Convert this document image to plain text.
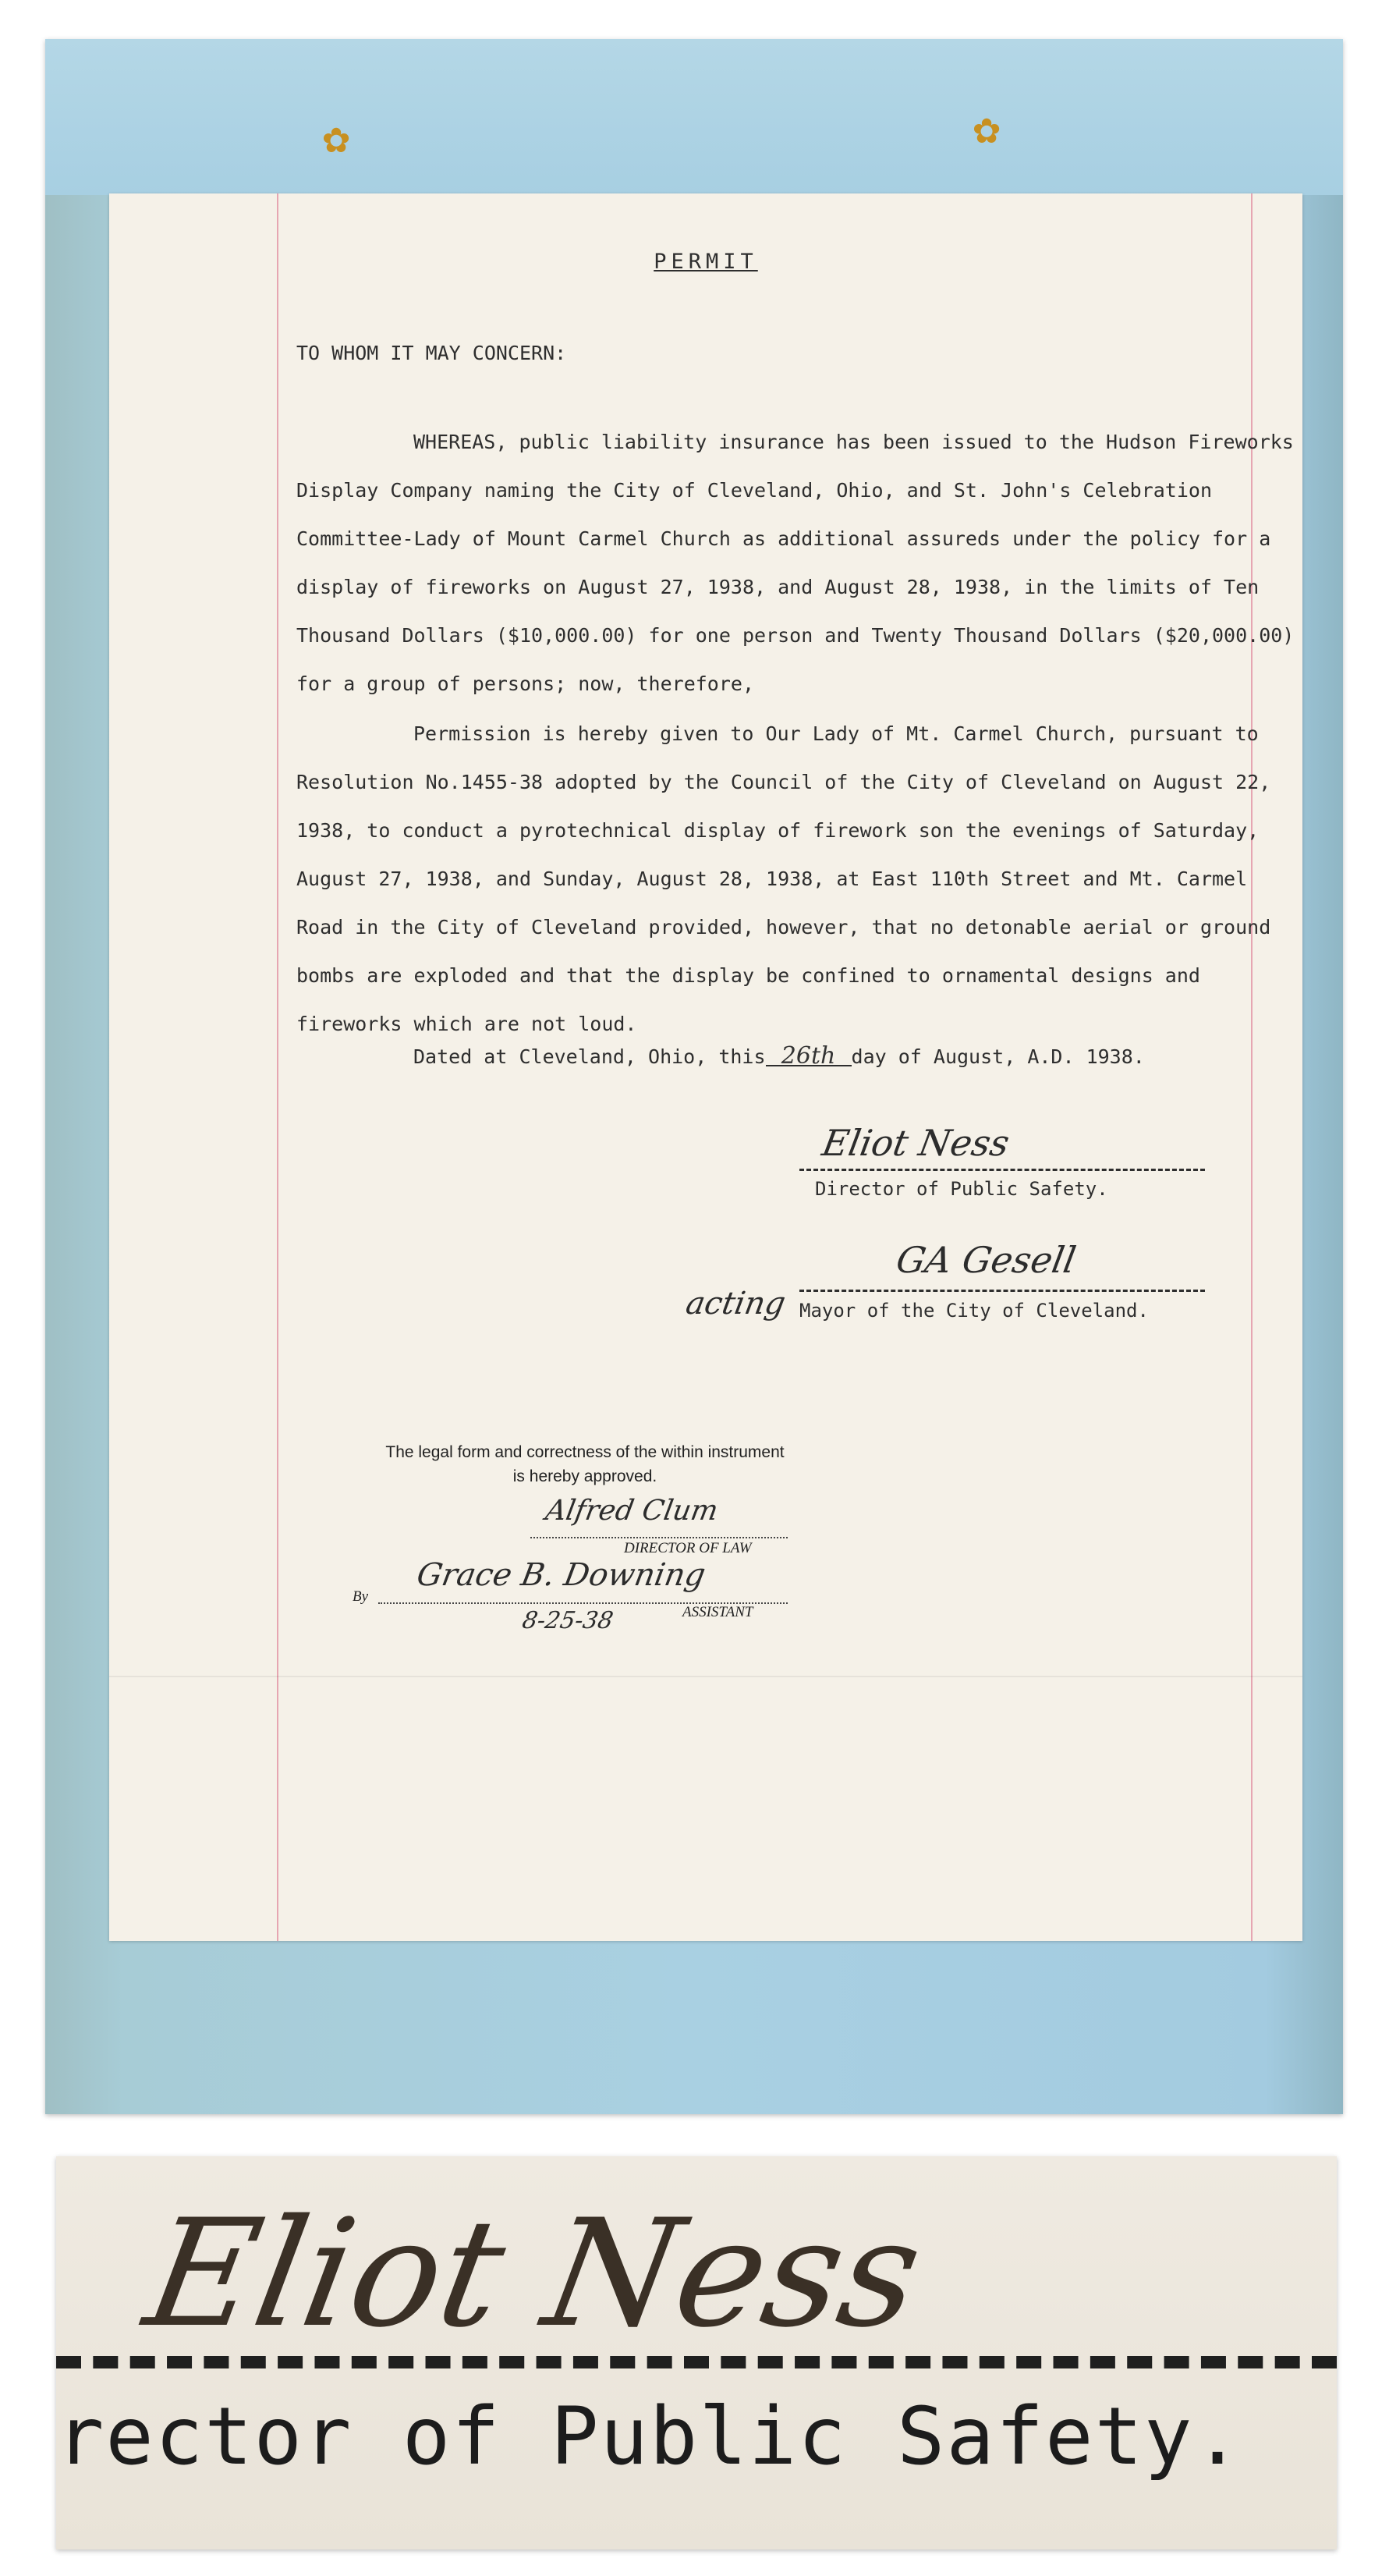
✿	✿
PERMIT
TO WHOM IT MAY CONCERN:

WHEREAS, public liability insurance has been issued to the Hudson Fireworks Display Company naming the City of Cleveland, Ohio, and St. John's Celebration Committee-Lady of Mount Carmel Church as additional assureds under the policy for a display of fireworks on August 27, 1938, and August 28, 1938, in the limits of Ten Thousand Dollars ($10,000.00) for one person and Twenty Thousand Dollars ($20,000.00) for a group of persons; now, therefore,

Permission is hereby given to Our Lady of Mt. Carmel Church, pursuant to Resolution No.1455-38 adopted by the Council of the City of Cleveland on August 22, 1938, to conduct a pyrotechnical display of firework son the evenings of Saturday, August 27, 1938, and Sunday, August 28, 1938, at East 110th Street and Mt. Carmel Road in the City of Cleveland provided, however, that no detonable aerial or ground bombs are exploded and that the display be confined to ornamental designs and fireworks which are not loud.

Dated at Cleveland, Ohio, this 26th day of August, A.D. 1938.
Eliot Ness
Director of Public Safety.
acting
GA Gesell
Mayor of the City of Cleveland.
The legal form and correctness of the within instrument is hereby approved.
Alfred Clum
DIRECTOR OF LAW
By
Grace B. Downing
ASSISTANT
8-25-38
Eliot Ness
rector of Public Safety.
